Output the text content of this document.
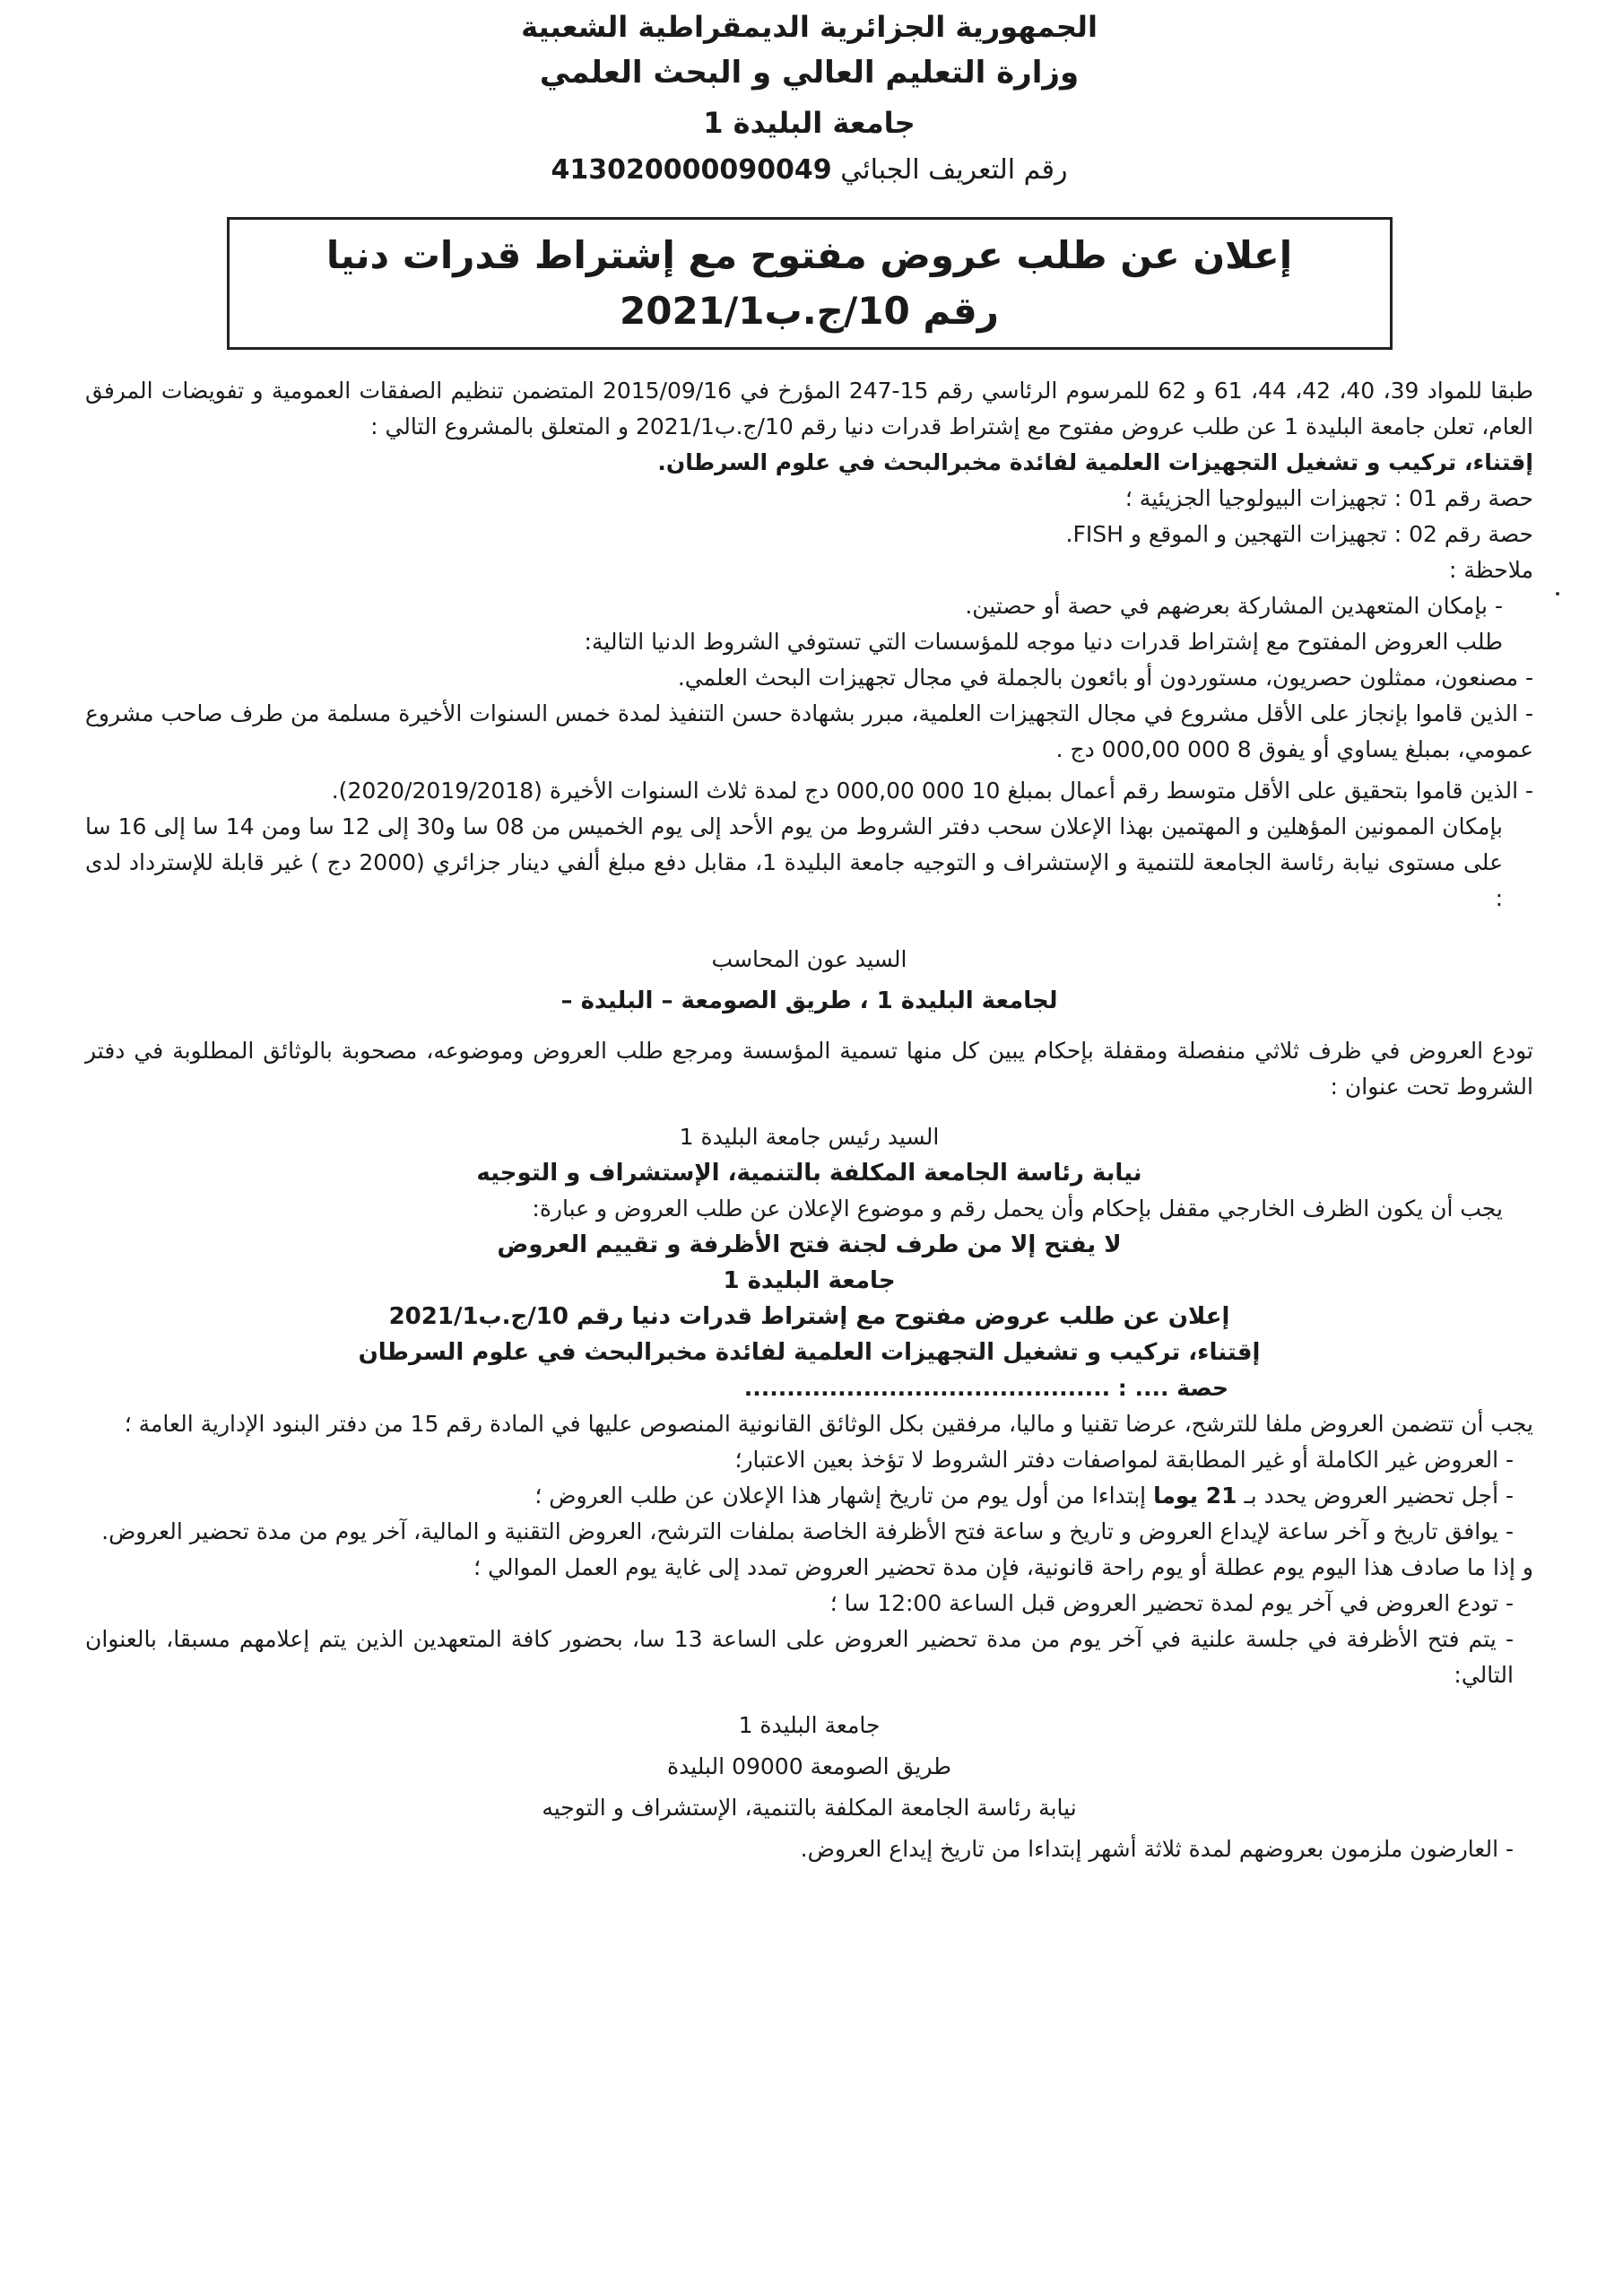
الجمهورية الجزائرية الديمقراطية الشعبية
وزارة التعليم العالي و البحث العلمي
جامعة البليدة 1
رقم التعريف الجبائي 413020000090049
إعلان عن طلب عروض مفتوح مع إشتراط قدرات دنيا
رقم 10/ج.ب2021/1

طبقا للمواد 39، 40، 42، 44، 61 و 62 للمرسوم الرئاسي رقم 15-247 المؤرخ في 2015/09/16 المتضمن تنظيم الصفقات العمومية و تفويضات المرفق العام، تعلن جامعة البليدة 1 عن طلب عروض مفتوح مع إشتراط قدرات دنيا رقم 10/ج.ب2021/1 و المتعلق بالمشروع التالي :

إقتناء، تركيب و تشغيل التجهيزات العلمية لفائدة مخبرالبحث في علوم السرطان.

حصة رقم 01 : تجهيزات البيولوجيا الجزيئية ؛

حصة رقم 02 : تجهيزات التهجين و الموقع و FISH.

ملاحظة :

- بإمكان المتعهدين المشاركة بعرضهم في حصة أو حصتين.

طلب العروض المفتوح مع إشتراط قدرات دنيا موجه للمؤسسات التي تستوفي الشروط الدنيا التالية:

- مصنعون، ممثلون حصريون، مستوردون أو بائعون بالجملة في مجال تجهيزات البحث العلمي.

- الذين قاموا بإنجاز على الأقل مشروع في مجال التجهيزات العلمية، مبرر بشهادة حسن التنفيذ لمدة خمس السنوات الأخيرة مسلمة من طرف صاحب مشروع عمومي، بمبلغ يساوي أو يفوق 8 000 000,00 دج .

- الذين قاموا بتحقيق على الأقل متوسط رقم أعمال بمبلغ 10 000 000,00 دج لمدة ثلاث السنوات الأخيرة (2020/2019/2018).

بإمكان الممونين المؤهلين و المهتمين بهذا الإعلان سحب دفتر الشروط من يوم الأحد إلى يوم الخميس من 08 سا و30 إلى 12 سا ومن 14 سا إلى 16 سا على مستوى نيابة رئاسة الجامعة للتنمية و الإستشراف و التوجيه جامعة البليدة 1، مقابل دفع مبلغ ألفي دينار جزائري (2000 دج ) غير قابلة للإسترداد لدى :

السيد عون المحاسب
لجامعة البليدة 1 ، طريق الصومعة – البليدة –

تودع العروض في ظرف ثلاثي منفصلة ومقفلة بإحكام يبين كل منها تسمية المؤسسة ومرجع طلب العروض وموضوعه، مصحوبة بالوثائق المطلوبة في دفتر الشروط تحت عنوان :

السيد رئيس جامعة البليدة 1
نيابة رئاسة الجامعة المكلفة بالتنمية، الإستشراف و التوجيه

يجب أن يكون الظرف الخارجي مقفل بإحكام وأن يحمل رقم و موضوع الإعلان عن طلب العروض و عبارة:

لا يفتح إلا من طرف لجنة فتح الأظرفة و تقييم العروض
جامعة البليدة 1
إعلان عن طلب عروض مفتوح مع إشتراط قدرات دنيا رقم 10/ج.ب2021/1
إقتناء، تركيب و تشغيل التجهيزات العلمية لفائدة مخبرالبحث في علوم السرطان

حصة .... : ...........................................

يجب أن تتضمن العروض ملفا للترشح، عرضا تقنيا و ماليا، مرفقين بكل الوثائق القانونية المنصوص عليها في المادة رقم 15 من دفتر البنود الإدارية العامة ؛

- العروض غير الكاملة أو غير المطابقة لمواصفات دفتر الشروط لا تؤخذ بعين الاعتبار؛

- أجل تحضير العروض يحدد بـ 21 يوما إبتداءا من أول يوم من تاريخ إشهار هذا الإعلان عن طلب العروض ؛

- يوافق تاريخ و آخر ساعة لإيداع العروض و تاريخ و ساعة فتح الأظرفة الخاصة بملفات الترشح، العروض التقنية و المالية، آخر يوم من مدة تحضير العروض.

و إذا ما صادف هذا اليوم يوم عطلة أو يوم راحة قانونية، فإن مدة تحضير العروض تمدد إلى غاية يوم العمل الموالي ؛

- تودع العروض في آخر يوم لمدة تحضير العروض قبل الساعة 12:00 سا ؛

- يتم فتح الأظرفة في جلسة علنية في آخر يوم من مدة تحضير العروض على الساعة 13 سا، بحضور كافة المتعهدين الذين يتم إعلامهم مسبقا، بالعنوان التالي:

جامعة البليدة 1
طريق الصومعة 09000 البليدة
نيابة رئاسة الجامعة المكلفة بالتنمية، الإستشراف و التوجيه

- العارضون ملزمون بعروضهم لمدة ثلاثة أشهر إبتداءا من تاريخ إيداع العروض.
